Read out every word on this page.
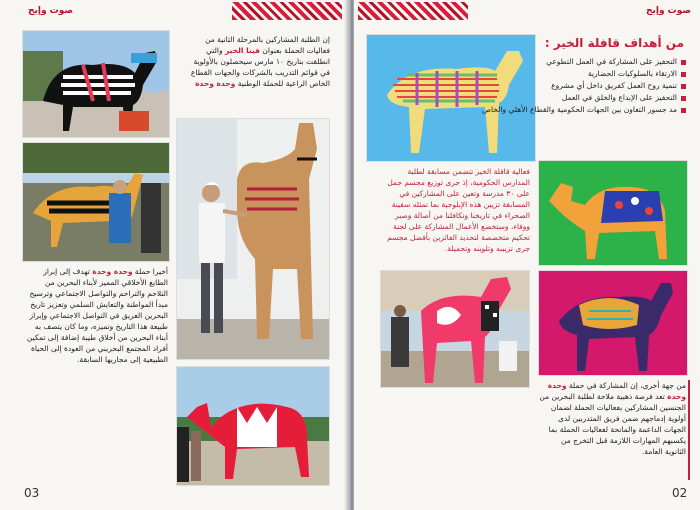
صوت وإيح
إن الطلبة المشاركين بالمرحلة الثانية من فعاليات الحملة بعنوان فينا الخير والتي انطلقت بتاريخ ١٠ مارس سيحصلون بالأولوية في قوائم التدريب بالشركات والجهات القطاع الخاص الراعية للحملة الوطنية وحدة وحدة
أخيرا حملة وحدة وحدة تهدف إلى إبراز الطابع الأخلاقي المميز لأبناء البحرين من التلاحم والتراحم والتواصل الاجتماعي وترسيخ مبدأ المواطنة والتعايش السلمي وتعزيز تاريخ البحرين العريق في التواصل الاجتماعي وإبراز طبيعة هذا التاريخ وتميزه، وما كان يتصف به أبناء البحرين من أخلاق طيبة إضافة إلى تمكين أفراد المجتمع البحريني من العودة إلى الحياة الطبيعية إلى مجاريها السابقة.
03
صوت وإيح
من أهداف قافلة الخير :
التحفيز على المشاركة في العمل التطوعي
الارتقاء بالسلوكيات الحضارية
تنمية روح العمل كفريق داخل أي مشروع
التحفيز على الإبداع والخلق في العمل
مد جسور التعاون بين الجهات الحكومية والقطاع الأهلي والخاص
فعالية قافلة الخير تتضمن مسابقة لطلبة المدارس الحكومية، إذ جرى توزيع مجسم جمل على ٣٠ مدرسة وتعين على المشاركين في المسابقة تزيين هذه الإبلوجية بما تمثله سفينة الصحراء في تاريخنا وتكافلنا من أصالة وصبر ووفاء، وستخضع الأعمال المشاركة على لجنة تحكيم متخصصة لتحديد الفائزين بأفضل مجسم جرى تزيينه وتلوينه وتجميلة.
من جهة أخرى، إن المشاركة في حملة وحدة وحدة تعد فرصة ذهبية ملاحة لطلبة البحرين من الجنسين المشاركين بفعاليات الحملة لضمان أولوية إدماجهم ضمن فريق المتدربين لدى الجهات الداعمة والمانحة لفعاليات الحملة بما يكسبهم المهارات اللازمة قبل التخرج من الثانوية العامة.
02
